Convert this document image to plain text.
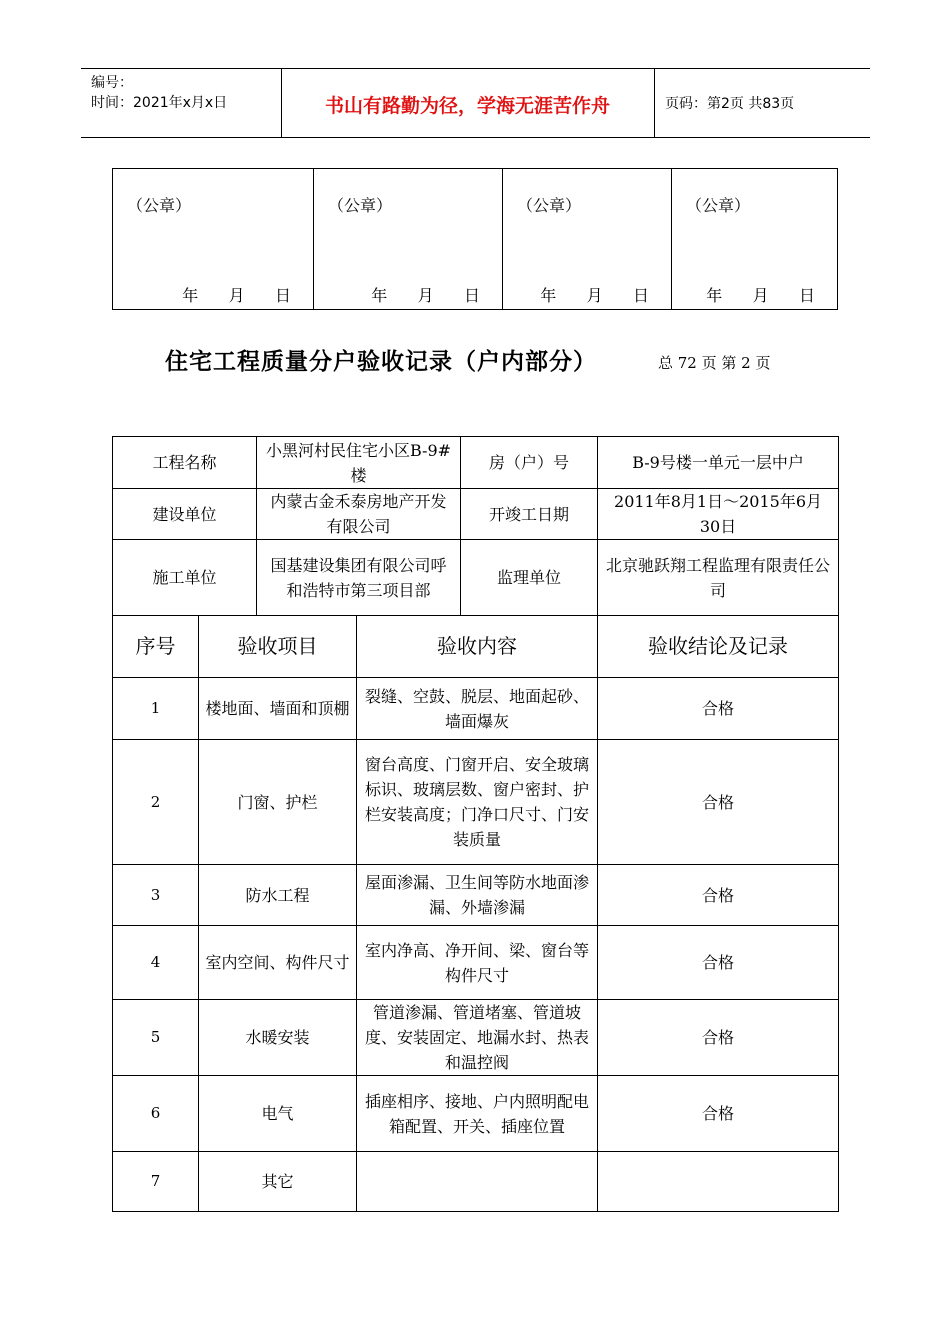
编号：
时间：2021年x月x日	书山有路勤为径，学海无涯苦作舟	页码：第2页 共83页
（公章）
年    月    日

（公章）
年    月    日

（公章）
年    月    日

（公章）
年    月    日
住宅工程质量分户验收记录（户内部分）	总 72 页 第 2 页
工程名称		小黑河村民住宅小区B-9#楼		房（户）号	B-9号楼一单元一层中户
建设单位		内蒙古金禾泰房地产开发有限公司		开竣工日期	2011年8月1日～2015年6月30日
施工单位		国基建设集团有限公司呼和浩特市第三项目部		监理单位	北京驰跃翔工程监理有限责任公司
序号	验收项目		验收内容		验收结论及记录
1	楼地面、墙面和顶棚		裂缝、空鼓、脱层、地面起砂、墙面爆灰		合格
2	门窗、护栏		窗台高度、门窗开启、安全玻璃标识、玻璃层数、窗户密封、护栏安装高度；门净口尺寸、门安装质量		合格
3	防水工程		屋面渗漏、卫生间等防水地面渗漏、外墙渗漏		合格
4	室内空间、构件尺寸		室内净高、净开间、梁、窗台等构件尺寸		合格
5	水暖安装		管道渗漏、管道堵塞、管道坡度、安装固定、地漏水封、热表和温控阀		合格
6	电气		插座相序、接地、户内照明配电箱配置、开关、插座位置		合格
7	其它				
